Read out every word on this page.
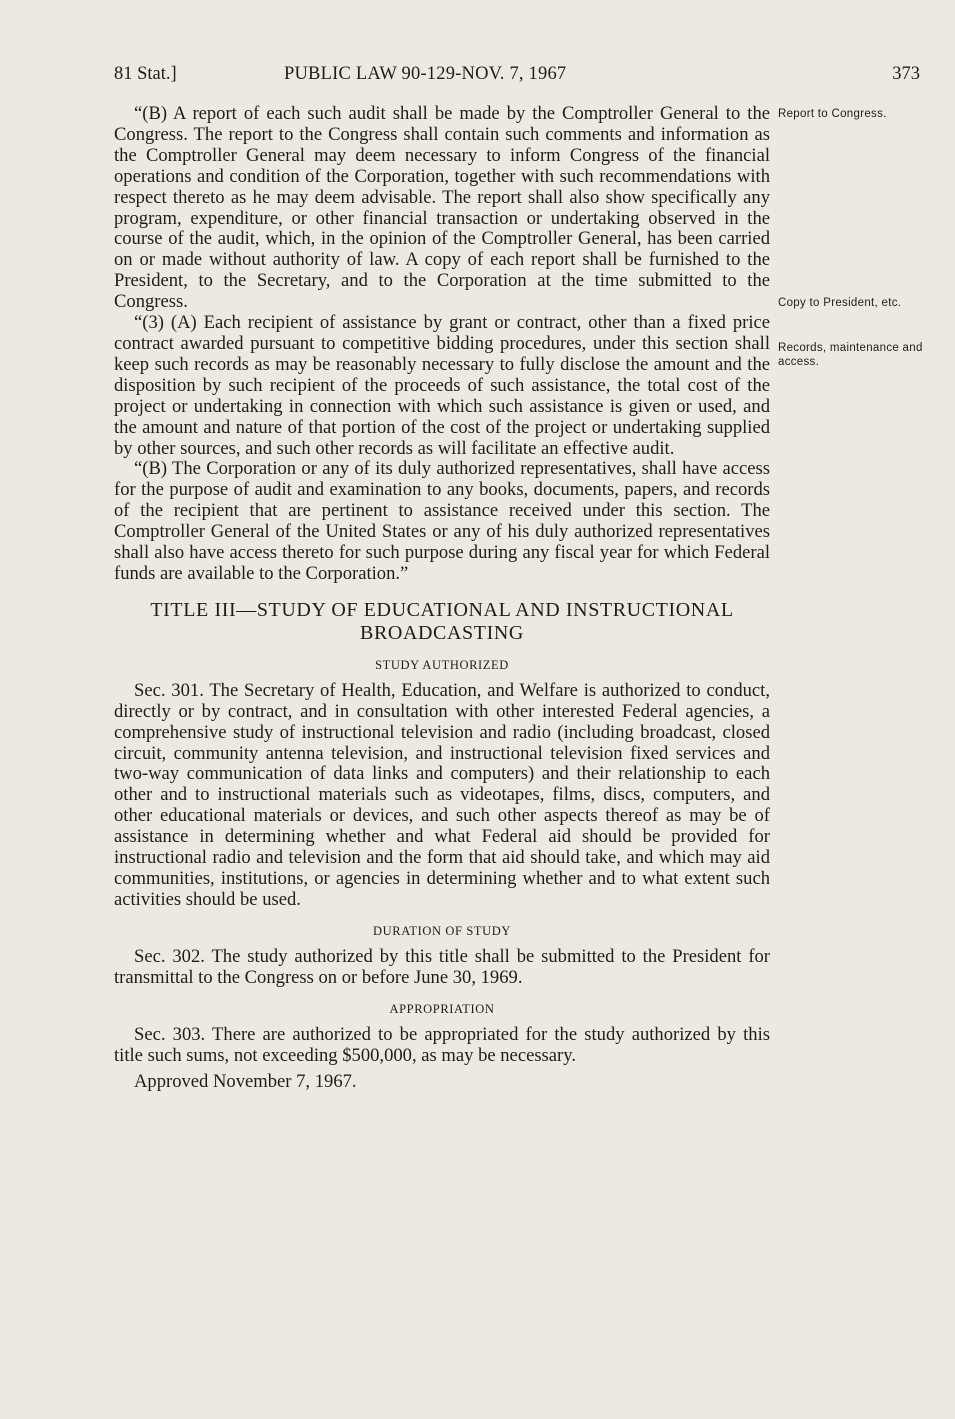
81 Stat.]	PUBLIC LAW 90-129-NOV. 7, 1967	373

“(B) A report of each such audit shall be made by the Comptroller General to the Congress. The report to the Congress shall contain such comments and information as the Comptroller General may deem necessary to inform Congress of the financial operations and condition of the Corporation, together with such recommendations with respect thereto as he may deem advisable. The report shall also show specifically any program, expenditure, or other financial transaction or undertaking observed in the course of the audit, which, in the opinion of the Comptroller General, has been carried on or made without authority of law. A copy of each report shall be furnished to the President, to the Secretary, and to the Corporation at the time submitted to the Congress.

“(3) (A) Each recipient of assistance by grant or contract, other than a fixed price contract awarded pursuant to competitive bidding procedures, under this section shall keep such records as may be reasonably necessary to fully disclose the amount and the disposition by such recipient of the proceeds of such assistance, the total cost of the project or undertaking in connection with which such assistance is given or used, and the amount and nature of that portion of the cost of the project or undertaking supplied by other sources, and such other records as will facilitate an effective audit.

“(B) The Corporation or any of its duly authorized representatives, shall have access for the purpose of audit and examination to any books, documents, papers, and records of the recipient that are pertinent to assistance received under this section. The Comptroller General of the United States or any of his duly authorized representatives shall also have access thereto for such purpose during any fiscal year for which Federal funds are available to the Corporation.”

TITLE III—STUDY OF EDUCATIONAL AND INSTRUCTIONAL BROADCASTING
STUDY AUTHORIZED

Sec. 301. The Secretary of Health, Education, and Welfare is authorized to conduct, directly or by contract, and in consultation with other interested Federal agencies, a comprehensive study of instructional television and radio (including broadcast, closed circuit, community antenna television, and instructional television fixed services and two-way communication of data links and computers) and their relationship to each other and to instructional materials such as videotapes, films, discs, computers, and other educational materials or devices, and such other aspects thereof as may be of assistance in determining whether and what Federal aid should be provided for instructional radio and television and the form that aid should take, and which may aid communities, institutions, or agencies in determining whether and to what extent such activities should be used.

DURATION OF STUDY

Sec. 302. The study authorized by this title shall be submitted to the President for transmittal to the Congress on or before June 30, 1969.

APPROPRIATION

Sec. 303. There are authorized to be appropriated for the study authorized by this title such sums, not exceeding $500,000, as may be necessary.

Approved November 7, 1967.

Report to Congress.
Copy to President, etc.
Records, maintenance and access.
